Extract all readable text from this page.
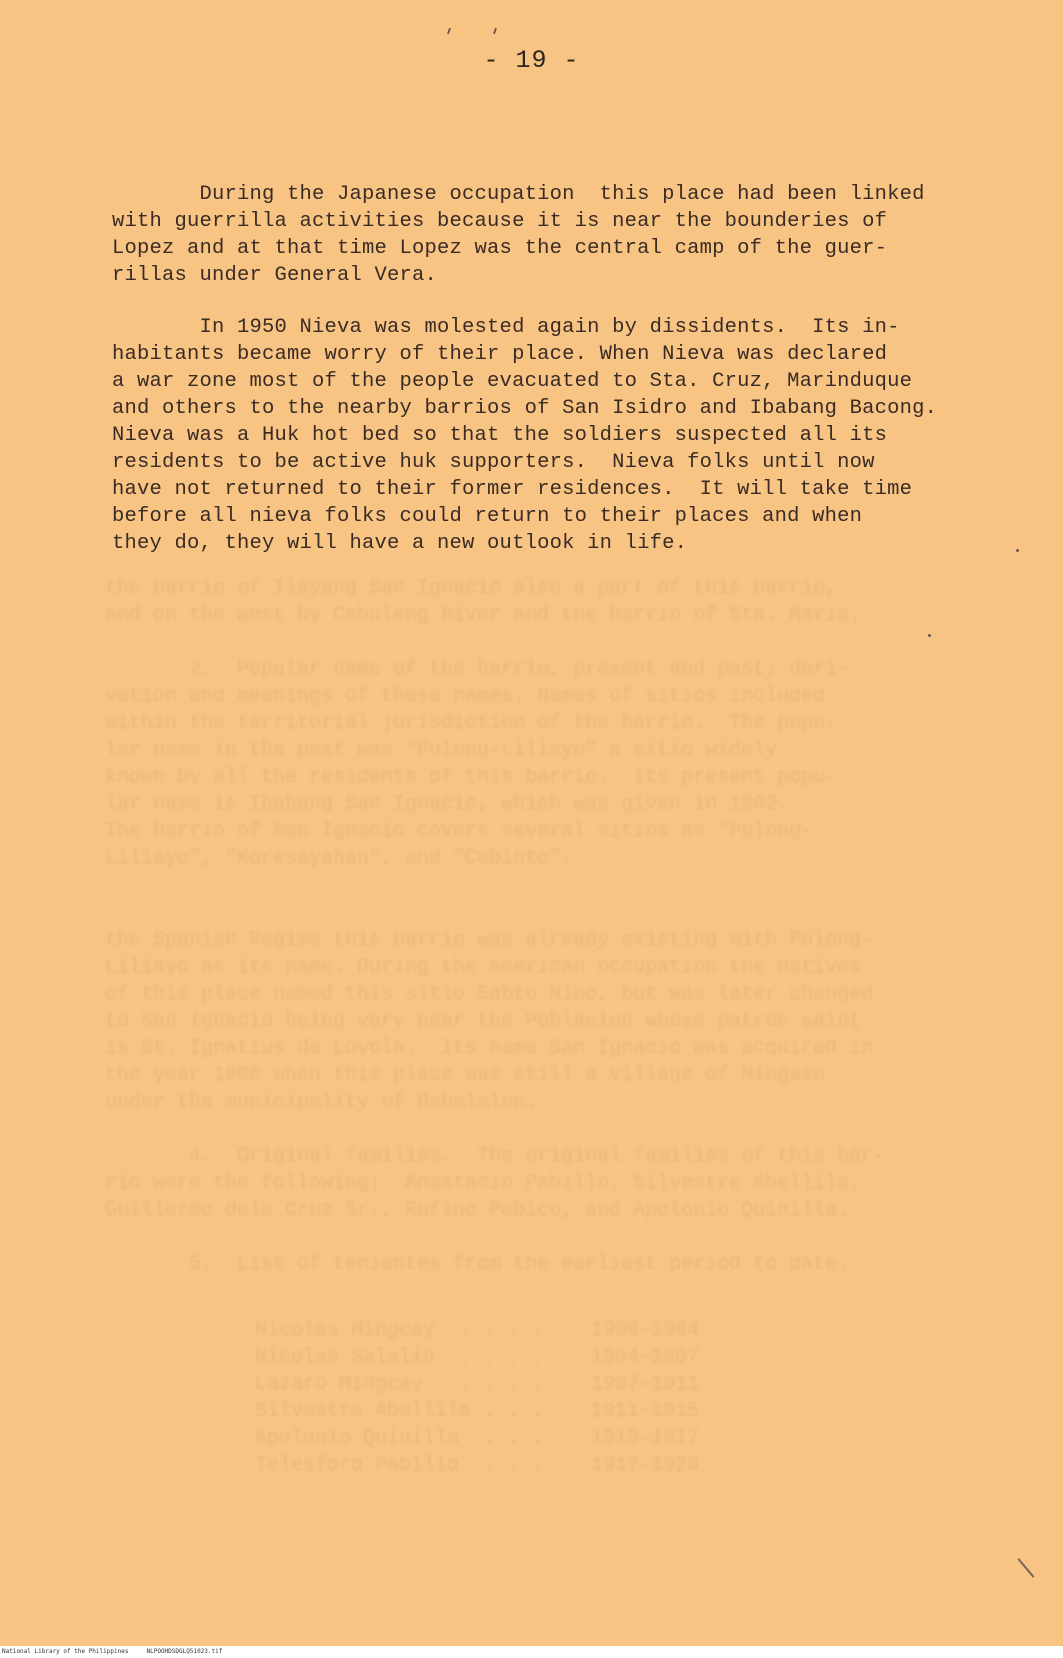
the barrio of Ilayang San Ignacio also a part of this barrio,
and on the west by Cabuleng River and the barrio of Sta. Maria.

2.  Popular name of the barrio, present and past; deri-
vation and meanings of these names. Names of sitios included
within the territorial jurisdiction of the barrio.  The popu-
lar name in the past was "Pulong-Liliayo" a sitio widely
known by all the residents of this barrio.  Its present popu-
lar name is Ibabang San Ignacio, which was given in 1902.
The barrio of San Ignacio covers several sitios as "Pulong-
Liliayo", "Koresayahan", and "Cabinto".

the Spanish Regime this barrio was already existing with Pulong-
Liliayo as its name. During the American occupation the natives
of this place named this sitio Sabto Nino, but was later changed
to San Ignacio being very near the Poblacion whose patron saint
is St. Ignatius de Loyola.  Its name San Ignacio was acquired in
the year 1900 when this place was still a village of Mingaso
under the municipality of Babalalon.

4.  Original families.  The original families of this bar-
rio were the following:  Anastacio Pabillo, Silvestre Abellila,
Guillermo dela Cruz Sr., Rufino Pabico, and Apolonio Quinilla.

5.  List of tenientes from the earliest period to date.

Nicolas Mingcay  . . . .    1900-1904
Nicolas Salalin  . . . .    1904-1907
Lazaro Mingcay   . . . .    1907-1911
Silvestre Abellila . . .    1911-1915
Apolonio Quinilla  . . .    1915-1917
Telesforo Pabillo  . . .    1917-1920
- 19 -

During the Japanese occupation  this place had been linked
with guerrilla activities because it is near the bounderies of
Lopez and at that time Lopez was the central camp of the guer-
rillas under General Vera.

In 1950 Nieva was molested again by dissidents.  Its in-
habitants became worry of their place. When Nieva was declared
a war zone most of the people evacuated to Sta. Cruz, Marinduque
and others to the nearby barrios of San Isidro and Ibabang Bacong.
Nieva was a Huk hot bed so that the soldiers suspected all its
residents to be active huk supporters.  Nieva folks until now
have not returned to their former residences.  It will take time
before all nieva folks could return to their places and when
they do, they will have a new outlook in life.

National Library of the Philippines     NLPOOHDSDGLQ51023.tif
